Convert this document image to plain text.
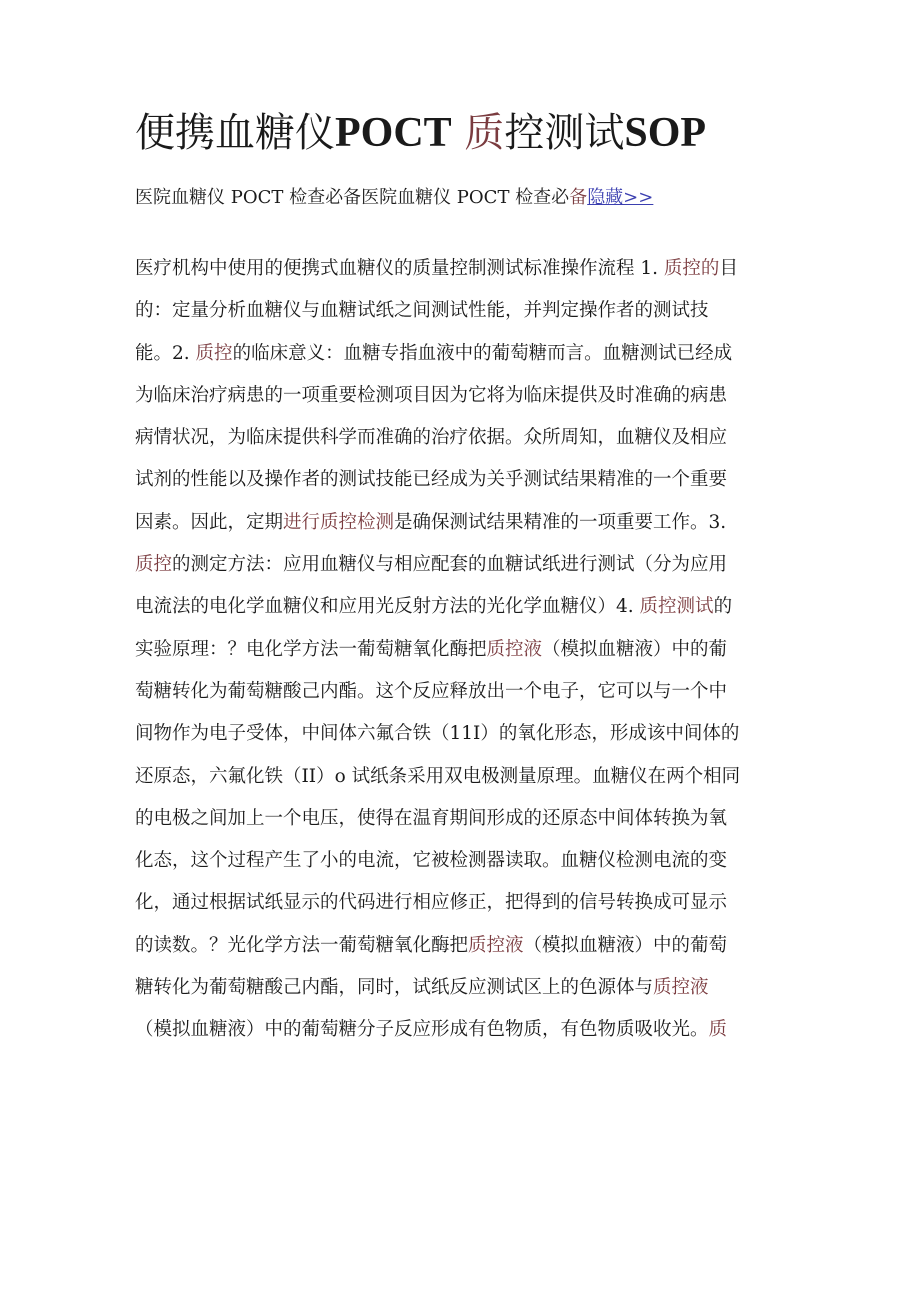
便携血糖仪POCT 质控测试SOP

医院血糖仪 POCT 检查必备医院血糖仪 POCT 检查必备隐藏>>

医疗机构中使用的便携式血糖仪的质量控制测试标准操作流程 1. 质控的目
的：定量分析血糖仪与血糖试纸之间测试性能，并判定操作者的测试技
能。2. 质控的临床意义：血糖专指血液中的葡萄糖而言。血糖测试已经成
为临床治疗病患的一项重要检测项目因为它将为临床提供及时准确的病患
病情状况，为临床提供科学而准确的治疗依据。众所周知，血糖仪及相应
试剂的性能以及操作者的测试技能已经成为关乎测试结果精准的一个重要
因素。因此，定期进行质控检测是确保测试结果精准的一项重要工作。3.
质控的测定方法：应用血糖仪与相应配套的血糖试纸进行测试（分为应用
电流法的电化学血糖仪和应用光反射方法的光化学血糖仪）4. 质控测试的
实验原理：？电化学方法一葡萄糖氧化酶把质控液（模拟血糖液）中的葡
萄糖转化为葡萄糖酸己内酯。这个反应释放出一个电子，它可以与一个中
间物作为电子受体，中间体六氟合铁（11I）的氧化形态，形成该中间体的
还原态，六氟化铁（II）o 试纸条采用双电极测量原理。血糖仪在两个相同
的电极之间加上一个电压，使得在温育期间形成的还原态中间体转换为氧
化态，这个过程产生了小的电流，它被检测器读取。血糖仪检测电流的变
化，通过根据试纸显示的代码进行相应修正，把得到的信号转换成可显示
的读数。？光化学方法一葡萄糖氧化酶把质控液（模拟血糖液）中的葡萄
糖转化为葡萄糖酸己内酯，同时，试纸反应测试区上的色源体与质控液
（模拟血糖液）中的葡萄糖分子反应形成有色物质，有色物质吸收光。质
